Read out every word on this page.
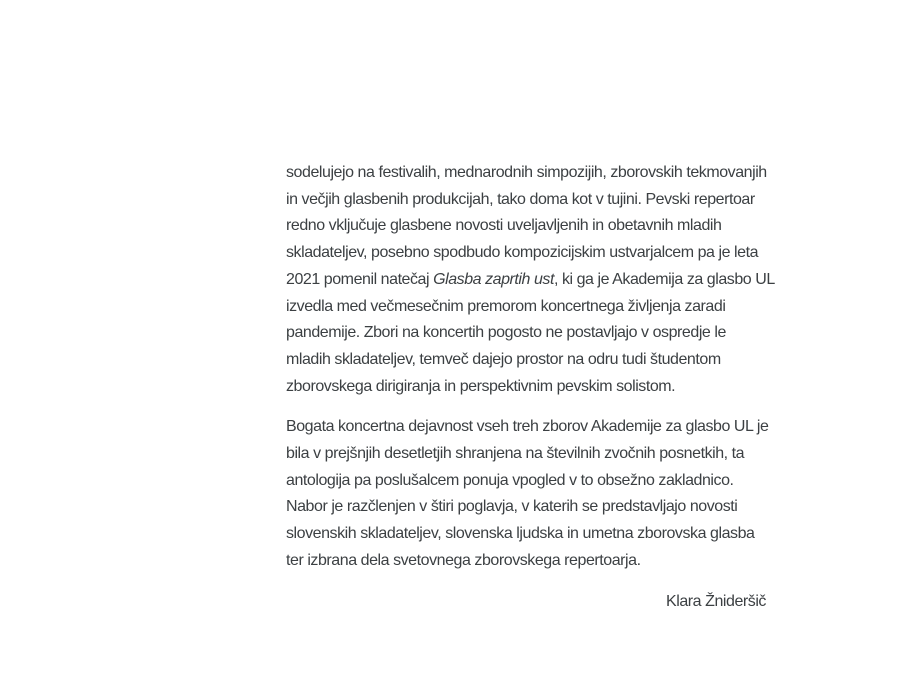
sodelujejo na festivalih, mednarodnih simpozijih, zborovskih tekmovanjih
in večjih glasbenih produkcijah, tako doma kot v tujini. Pevski repertoar
redno vključuje glasbene novosti uveljavljenih in obetavnih mladih
skladateljev, posebno spodbudo kompozicijskim ustvarjalcem pa je leta
2021 pomenil natečaj Glasba zaprtih ust, ki ga je Akademija za glasbo UL
izvedla med večmesečnim premorom koncertnega življenja zaradi
pandemije. Zbori na koncertih pogosto ne postavljajo v ospredje le
mladih skladateljev, temveč dajejo prostor na odru tudi študentom
zborovskega dirigiranja in perspektivnim pevskim solistom.

Bogata koncertna dejavnost vseh treh zborov Akademije za glasbo UL je
bila v prejšnjih desetletjih shranjena na številnih zvočnih posnetkih, ta
antologija pa poslušalcem ponuja vpogled v to obsežno zakladnico.
Nabor je razčlenjen v štiri poglavja, v katerih se predstavljajo novosti
slovenskih skladateljev, slovenska ljudska in umetna zborovska glasba
ter izbrana dela svetovnega zborovskega repertoarja.

Klara Žnideršič
